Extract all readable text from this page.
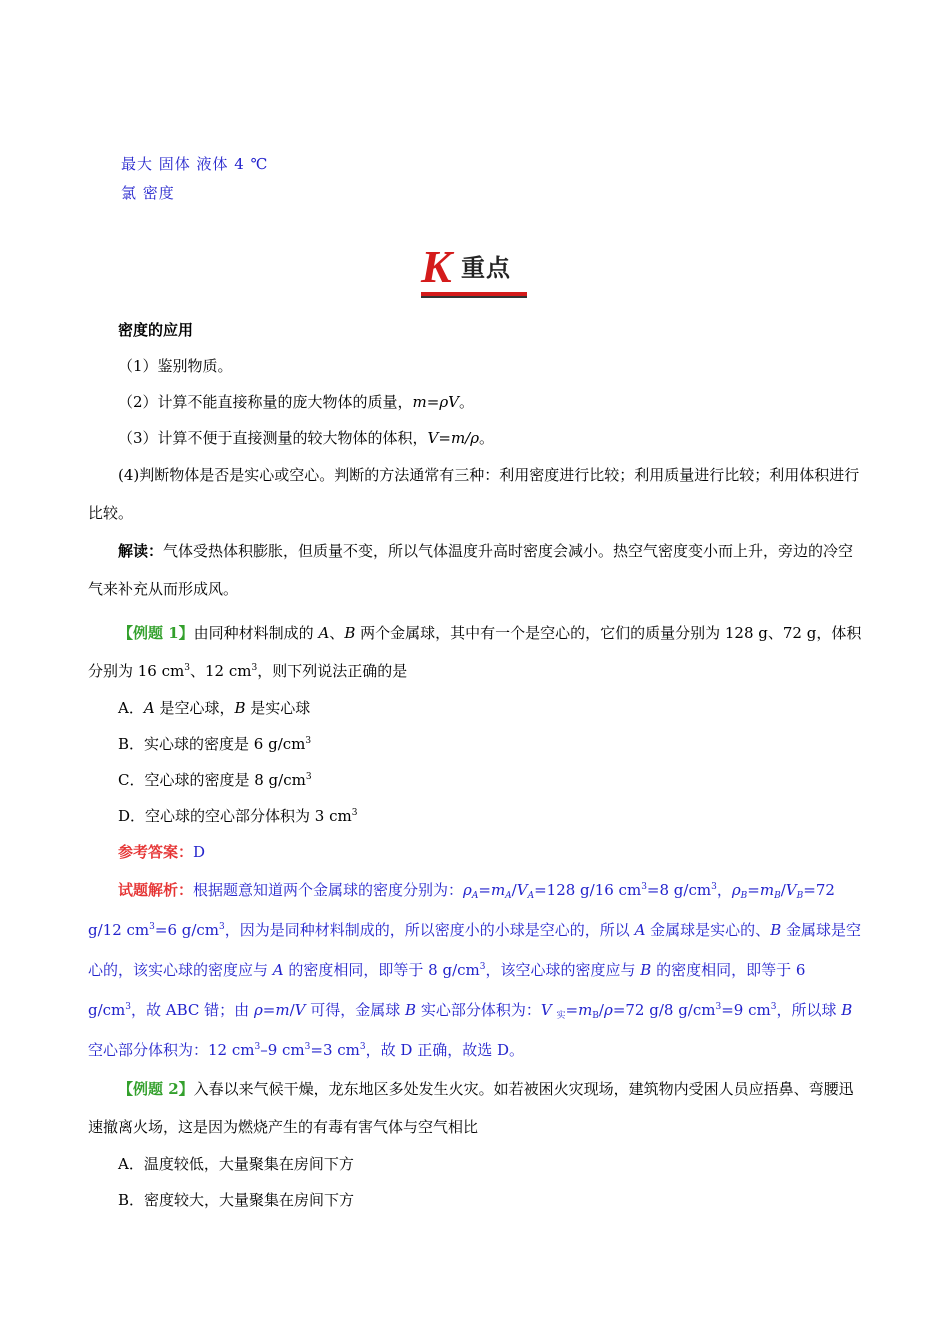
最大 固体 液体 4 ℃
氯 密度
K 重点

密度的应用

（1）鉴别物质。

（2）计算不能直接称量的庞大物体的质量，m=ρV。

（3）计算不便于直接测量的较大物体的体积，V=m/ρ。

(4)判断物体是否是实心或空心。判断的方法通常有三种：利用密度进行比较；利用质量进行比较；利用体积进行比较。

解读：气体受热体积膨胀，但质量不变，所以气体温度升高时密度会减小。热空气密度变小而上升，旁边的冷空气来补充从而形成风。

【例题 1】由同种材料制成的 A、B 两个金属球，其中有一个是空心的，它们的质量分别为 128 g、72 g，体积分别为 16 $cm^3$、12 $cm^3$，则下列说法正确的是

A．A 是空心球，B 是实心球

B．实心球的密度是 6 $g/cm^3$

C．空心球的密度是 8 $g/cm^3$

D．空心球的空心部分体积为 3 $cm^3$

参考答案：D

试题解析：根据题意知道两个金属球的密度分别为：$\rho_A=m_A/V_A=128$ g/16 $cm^3=8$ $g/cm^3$，$\rho_B=m_B/V_B=72$ g/12 $cm^3=6$ $g/cm^3$，因为是同种材料制成的，所以密度小的小球是空心的，所以 A 金属球是实心的、B 金属球是空心的，该实心球的密度应与 A 的密度相同，即等于 8 $g/cm^3$，该空心球的密度应与 B 的密度相同，即等于 6 $g/cm^3$，故 ABC 错；由 ρ=m/V 可得，金属球 B 实心部分体积为：V $_实=m_B/\rho=72$ g/8 $g/cm^3=9$ $cm^3$，所以球 B 空心部分体积为：12 $cm^3-9$ $cm^3=3$ $cm^3$，故 D 正确，故选 D。

【例题 2】入春以来气候干燥，龙东地区多处发生火灾。如若被困火灾现场，建筑物内受困人员应捂鼻、弯腰迅速撤离火场，这是因为燃烧产生的有毒有害气体与空气相比

A．温度较低，大量聚集在房间下方

B．密度较大，大量聚集在房间下方
